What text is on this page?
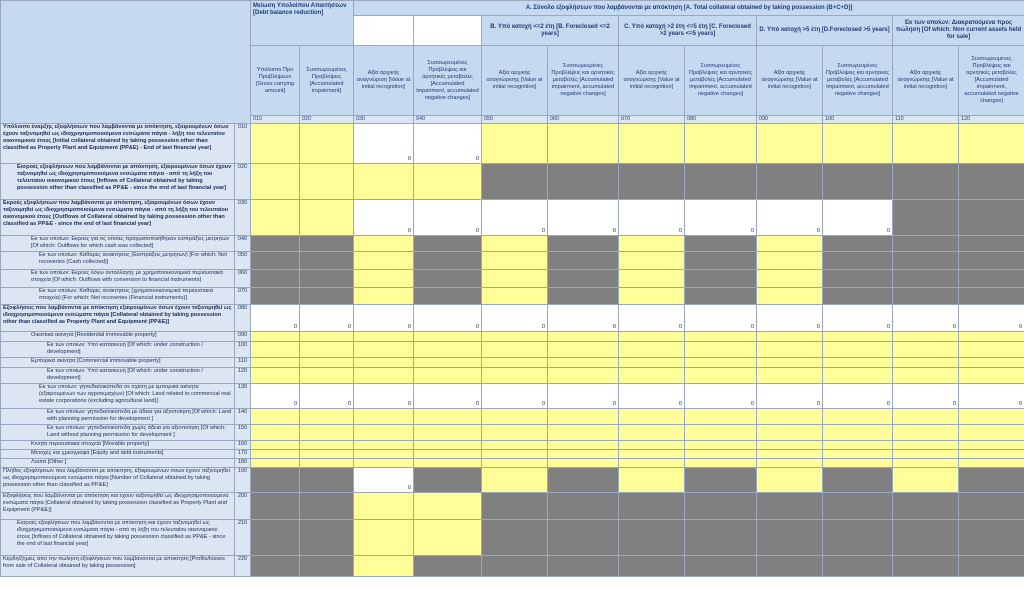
		Μείωση Υπολοίπου Απαιτήσεων [Debt balance reduction]		A. Σύνολο εξοφλήσεων που λαμβάνονται με απόκτηση [A. Total collateral obtained by taking possession (B+C+D)]									
						B. Υπό κατοχή <=2 έτη [B. Foreclosed <=2 years]		C. Υπό κατοχή >2 έτη <=5 έτη [C. Foreclosed >2 years <=5 years]		D. Υπό κατοχή >5 έτη [D.Foreclosed >5 years]		Εκ των οποίων: Διακρατούμενα προς πώληση [Of which: Non current assets held for sale]	
		Υπόλοιπο Προ Προβλέψεων [Gross carrying amount]	Συσσωρευμένες Προβλέψεις [Accumulated impairment]	Αξία αρχικής αναγνώριση [Value at initial recognition]	Συσσωρευμένες Προβλέψεις και αρνητικές μεταβολές [Accumulated impairment, accumulated negative changes]	Αξία αρχικής αναγνώρισης [Value at initial recognition]	Συσσωρευμένες Προβλέψεις και αρνητικές μεταβολές [Accumulated impairment, accumulated negative changes]	Αξία αρχικής αναγνώρισης [Value at initial recognition]	Συσσωρευμένες Προβλέψεις και αρνητικές μεταβολές [Accumulated impairment, accumulated negative changes]	Αξία αρχικής αναγνώρισης [Value at initial recognition]	Συσσωρευμένες Προβλέψεις και αρνητικές μεταβολές [Accumulated impairment, accumulated negative changes]	Αξία αρχικής αναγνώρισης [Value at initial recognition]	Συσσωρευμένες Προβλέψεις και αρνητικές μεταβολές [Accumulated impairment, accumulated negative changes]
		010	020	030	040	050	060	070	080	090	100	110	120
Υπόλοιπο έναρξης εξοφλήσεων που λαμβάνονται με απόκτηση, εξαιρουμένων όσων έχουν ταξινομηθεί ως ιδιοχρησιμοποιούμενα ενσώματα πάγια - λήξη του τελευταίου οικονομικού έτους [Initial collateral obtained by taking possession other than classified as Property Plant and Equipment (PP&E) - End of last financial year]	010			0	0								
Εισροές εξοφλήσεων που λαμβάνονται με απόκτηση, εξαιρουμένων όσων έχουν ταξινομηθεί ως ιδιοχρησιμοποιούμενα ενσώματα πάγια - από τη λήξη του τελευταίου οικονομικού έτους [Inflows of Collateral obtained by taking possession other than classified as PP&E - since the end of last financial year]	020												
Εκροές εξοφλήσεων που λαμβάνονται με απόκτηση, εξαιρουμένων όσων έχουν ταξινομηθεί ως ιδιοχρησιμοποιούμενα ενσώματα πάγια - από τη λήξη του τελευταίου οικονομικού έτους [Outflows of Collateral obtained by taking possession other than classified as PP&E - since the end of last financial year]	030			0	0	0	0	0	0	0	0		
Εκ των οποίων: Εκροές για τις οποίες πραγματοποιήθηκαν εισπράξεις μετρητών [Of which: Outflows for which cash was collected]	040												
Εκ των οποίων: Καθαρές ανακτήσεις (Εισπράξεις μετρητών) [For which: Net recoveries (Cash collected)]	050												
Εκ των οποίων: Εκροές λόγω ανταλλαγής με χρηματοοικονομικά περιουσιακά στοιχεία [Of which: Outflows with conversion to financial instruments]	060												
Εκ των οποίων: Καθαρές ανακτήσεις (χρηματοοικονομικά περιουσιακά στοιχεία) [For which: Net recoveries (Financial instruments)]	070												
Εξοφλήσεις που λαμβάνονται με απόκτηση εξαιρουμένων όσων έχουν ταξινομηθεί ως ιδιοχρησιμοποιούμενα ενσώματα πάγια [Collateral obtained by taking possession other than classified as Property Plant and Equipment (PP&E)]	080	0	0	0	0	0	0	0	0	0	0	0	0
Οικιστικά ακίνητα [Residential immovable property]	090												
Εκ των οποίων: Υπό κατασκευή [Of which: under construction / development]	100												
Εμπορικά ακίνητα [Commercial immovable property]	110												
Εκ των οποίων: Υπό κατασκευή [Of which: under construction / development]	120												
Εκ των οποίων: γήπεδα/οικόπεδα σε σχέση με εμπορικά ακίνητα (εξαιρουμένων των αγροτεμαχίων) [Of which: Land related to commercial real estate corporations (excluding agricultural land)]	130	0	0	0	0	0	0	0	0	0	0	0	0
Εκ των οποίων: γήπεδα/οικόπεδα με άδεια για αξιοποίηση [Of which: Land with planning permission for development ]	140												
Εκ των οποίων: γήπεδα/οικόπεδα χωρίς άδεια για αξιοποίηση [Of which: Land without planning permission for development ]	150												
Κινητά περιουσιακά στοιχεία [Movable property]	160												
Μετοχές και χρεόγραφα [Equity and debt instruments]	170												
Λοιπά [Other ]	180												
Πλήθος εξοφλήσεων που λαμβάνονται με απόκτηση, εξαιρουμένων όσων έχουν ταξινομηθεί ως ιδιοχρησιμοποιούμενα ενσώματα πάγια [Number of Collateral obtained by taking possession other than classified as PP&E]	190			0									
Εξοφλήσεις που λαμβάνονται με απόκτηση και έχουν ταξινομηθεί ως ιδιοχρησιμοποιούμενα ενσώματα πάγια [Collateral obtained by taking possession classified as Property Plant and Equipment (PP&E)]	200												
Εισροές εξοφλήσεων που λαμβάνονται με απόκτηση και έχουν ταξινομηθεί ως ιδιοχρησιμοποιούμενα ενσώματα πάγια - από τη λήξη του τελευταίου οικονομικού έτους [Inflows of Collateral obtained by taking possession classified as PP&E - since the end of last financial year]	210												
Κέρδη/ζημιές από την πώληση εξοφλήσεων που λαμβάνονται με απόκτηση [Profits/losses from sale of Collateral obtained by taking possession]	220												
